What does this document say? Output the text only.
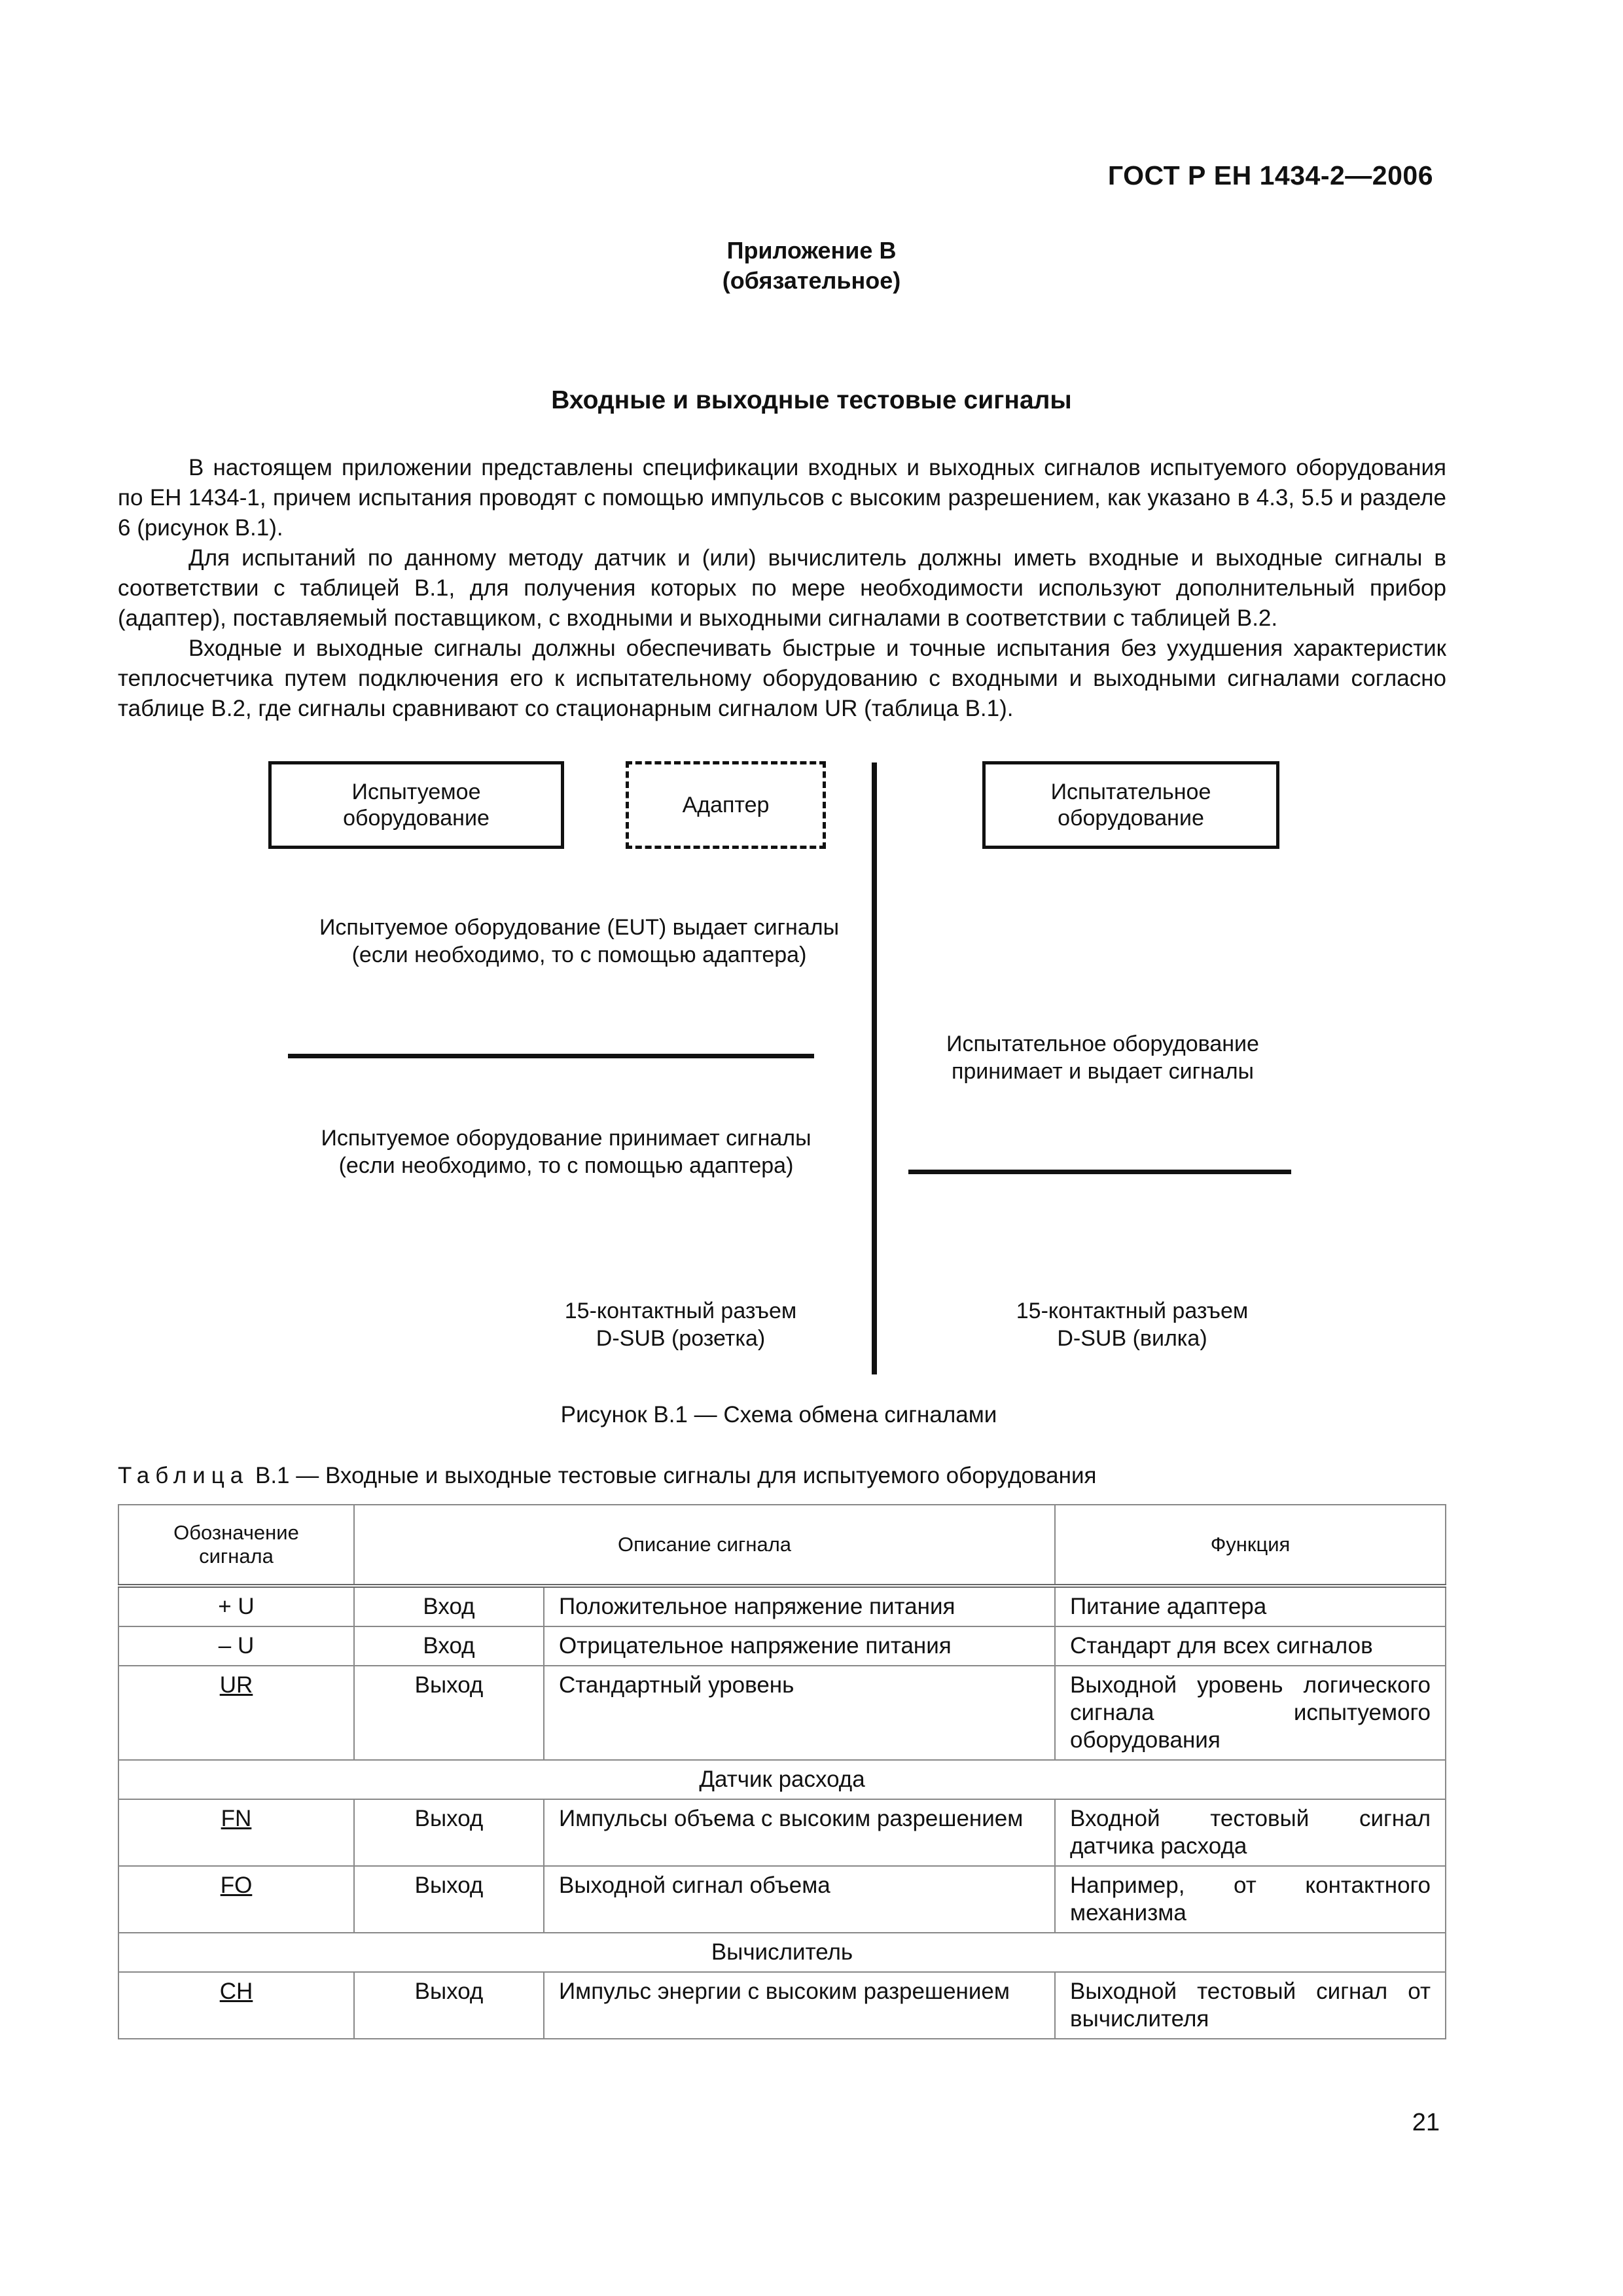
ГОСТ Р ЕН 1434-2—2006
Приложение В
(обязательное)
Входные и выходные тестовые сигналы

В настоящем приложении представлены спецификации входных и выходных сигналов испытуемого оборудования по ЕН 1434-1, причем испытания проводят с помощью импульсов с высоким разрешением, как указано в 4.3, 5.5 и разделе 6 (рисунок В.1).

Для испытаний по данному методу датчик и (или) вычислитель должны иметь входные и выходные сигналы в соответствии с таблицей В.1, для получения которых по мере необходимости используют дополнительный прибор (адаптер), поставляемый поставщиком, с входными и выходными сигналами в соответствии с таблицей В.2.

Входные и выходные сигналы должны обеспечивать быстрые и точные испытания без ухудшения характеристик теплосчетчика путем подключения его к испытательному оборудованию с входными и выходными сигналами согласно таблице В.2, где сигналы сравнивают со стационарным сигналом UR (таблица В.1).

Испытуемое оборудование
Адаптер
Испытательное оборудование
Испытуемое оборудование (EUT) выдает сигналы
(если необходимо, то с помощью адаптера)
Испытательное оборудование
принимает и выдает сигналы
Испытуемое оборудование принимает сигналы
(если необходимо, то с помощью адаптера)
15-контактный разъем
D-SUB (розетка)
15-контактный разъем
D-SUB (вилка)
Рисунок В.1 — Схема обмена сигналами
Таблица В.1 — Входные и выходные тестовые сигналы для испытуемого оборудования
Обозначение сигнала	Описание сигнала		Функция
+ U	Вход	Положительное напряжение питания	Питание адаптера
– U	Вход	Отрицательное напряжение питания	Стандарт для всех сигналов
UR	Выход	Стандартный уровень	Выходной уровень логического сигнала испытуемого оборудования
Датчик расхода			
FN	Выход	Импульсы объема с высоким разрешением	Входной тестовый сигнал датчика расхода
FO	Выход	Выходной сигнал объема	Например, от контактного механизма
Вычислитель			
CH	Выход	Импульс энергии с высоким разрешением	Выходной тестовый сигнал от вычислителя
21
